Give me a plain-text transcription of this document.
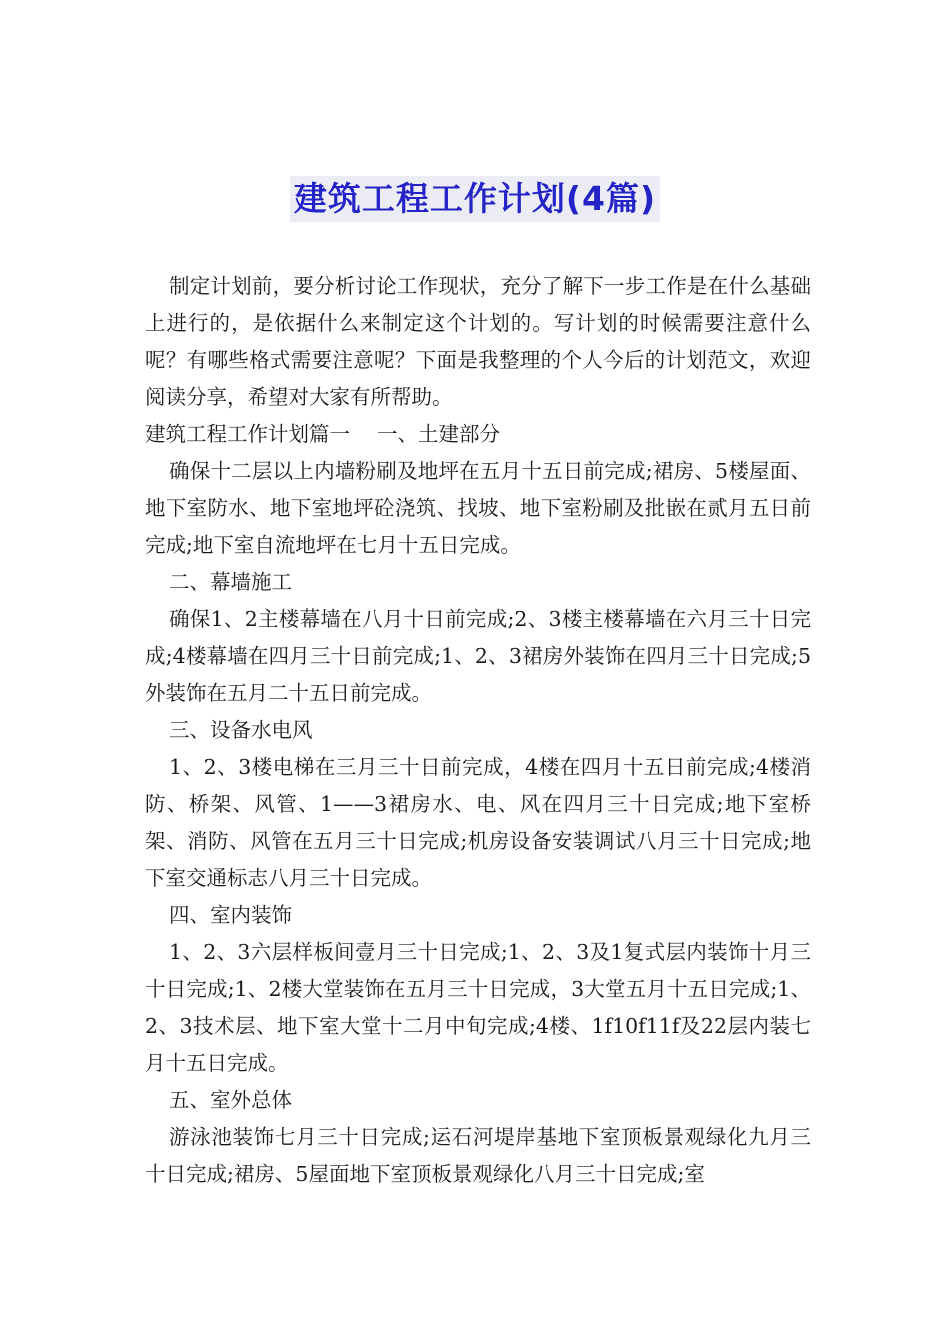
建筑工程工作计划(4篇)

制定计划前，要分析讨论工作现状，充分了解下一步工作是在什么基础上进行的，是依据什么来制定这个计划的。写计划的时候需要注意什么呢？有哪些格式需要注意呢？下面是我整理的个人今后的计划范文，欢迎阅读分享，希望对大家有所帮助。

建筑工程工作计划篇一　 一、土建部分

确保十二层以上内墙粉刷及地坪在五月十五日前完成;裙房、5楼屋面、地下室防水、地下室地坪砼浇筑、找坡、地下室粉刷及批嵌在贰月五日前完成;地下室自流地坪在七月十五日完成。

二、幕墙施工

确保1、2主楼幕墙在八月十日前完成;2、3楼主楼幕墙在六月三十日完成;4楼幕墙在四月三十日前完成;1、2、3裙房外装饰在四月三十日完成;5外装饰在五月二十五日前完成。

三、设备水电风

1、2、3楼电梯在三月三十日前完成，4楼在四月十五日前完成;4楼消防、桥架、风管、1——3裙房水、电、风在四月三十日完成;地下室桥架、消防、风管在五月三十日完成;机房设备安装调试八月三十日完成;地下室交通标志八月三十日完成。

四、室内装饰

1、2、3六层样板间壹月三十日完成;1、2、3及1复式层内装饰十月三十日完成;1、2楼大堂装饰在五月三十日完成，3大堂五月十五日完成;1、2、3技术层、地下室大堂十二月中旬完成;4楼、1f10f11f及22层内装七月十五日完成。

五、室外总体

游泳池装饰七月三十日完成;运石河堤岸基地下室顶板景观绿化九月三十日完成;裙房、5屋面地下室顶板景观绿化八月三十日完成;室
